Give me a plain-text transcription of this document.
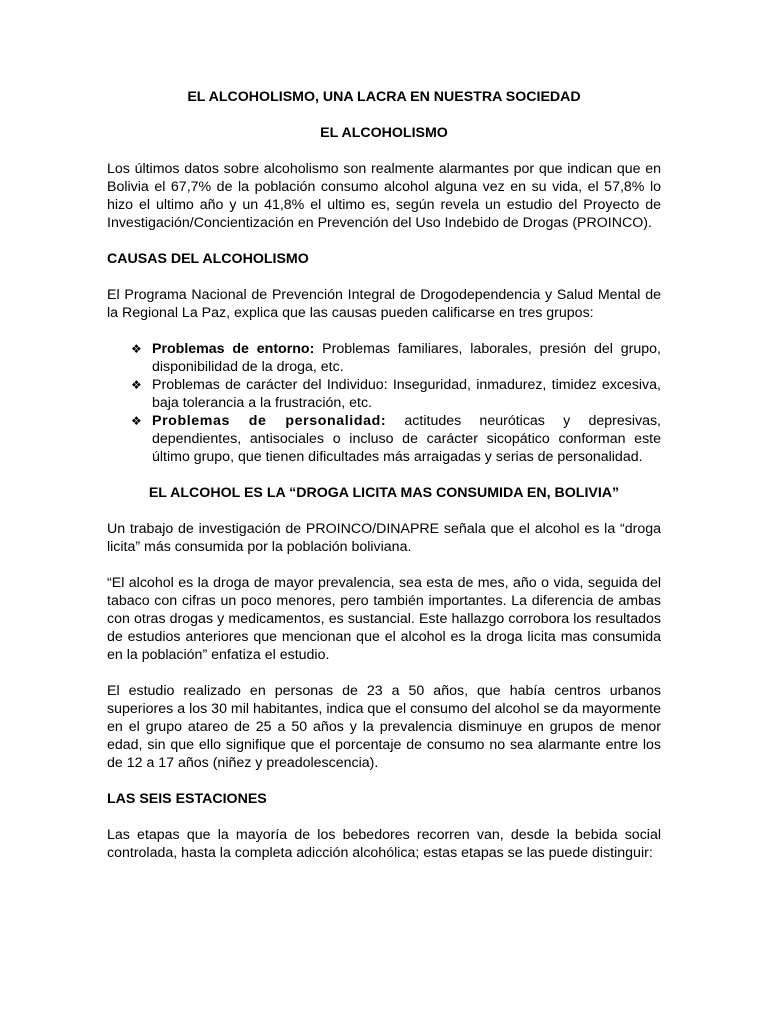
EL ALCOHOLISMO, UNA LACRA EN NUESTRA SOCIEDAD
EL ALCOHOLISMO

Los últimos datos sobre alcoholismo son realmente alarmantes por que indican que en Bolivia el 67,7% de la población consumo alcohol alguna vez en su vida, el 57,8% lo hizo el ultimo año y un 41,8% el ultimo es, según revela un estudio del Proyecto de Investigación/Concientización en Prevención del Uso Indebido de Drogas (PROINCO).

CAUSAS DEL ALCOHOLISMO

El Programa Nacional de Prevención Integral de Drogodependencia y Salud Mental de la Regional La Paz, explica que las causas pueden calificarse en tres grupos:

❖ Problemas de entorno: Problemas familiares, laborales, presión del grupo, disponibilidad de la droga, etc.
❖ Problemas de carácter del Individuo: Inseguridad, inmadurez, timidez excesiva, baja tolerancia a la frustración, etc.
❖ Problemas de personalidad: actitudes neuróticas y depresivas, dependientes, antisociales o incluso de carácter sicopático conforman este último grupo, que tienen dificultades más arraigadas y serias de personalidad.
EL ALCOHOL ES LA “DROGA LICITA MAS CONSUMIDA EN, BOLIVIA”

Un trabajo de investigación de PROINCO/DINAPRE señala que el alcohol es la “droga licita” más consumida por la población boliviana.

“El alcohol es la droga de mayor prevalencia, sea esta de mes, año o vida, seguida del tabaco con cifras un poco menores, pero también importantes. La diferencia de ambas con otras drogas y medicamentos, es sustancial. Este hallazgo corrobora los resultados de estudios anteriores que mencionan que el alcohol es la droga licita mas consumida en la población” enfatiza el estudio.

El estudio realizado en personas de 23 a 50 años, que había centros urbanos superiores a los 30 mil habitantes, indica que el consumo del alcohol se da mayormente en el grupo atareo de 25 a 50 años y la prevalencia disminuye en grupos de menor edad, sin que ello signifique que el porcentaje de consumo no sea alarmante entre los de 12 a 17 años (niñez y preadolescencia).

LAS SEIS ESTACIONES

Las etapas que la mayoría de los bebedores recorren van, desde la bebida social controlada, hasta la completa adicción alcohólica; estas etapas se las puede distinguir:
